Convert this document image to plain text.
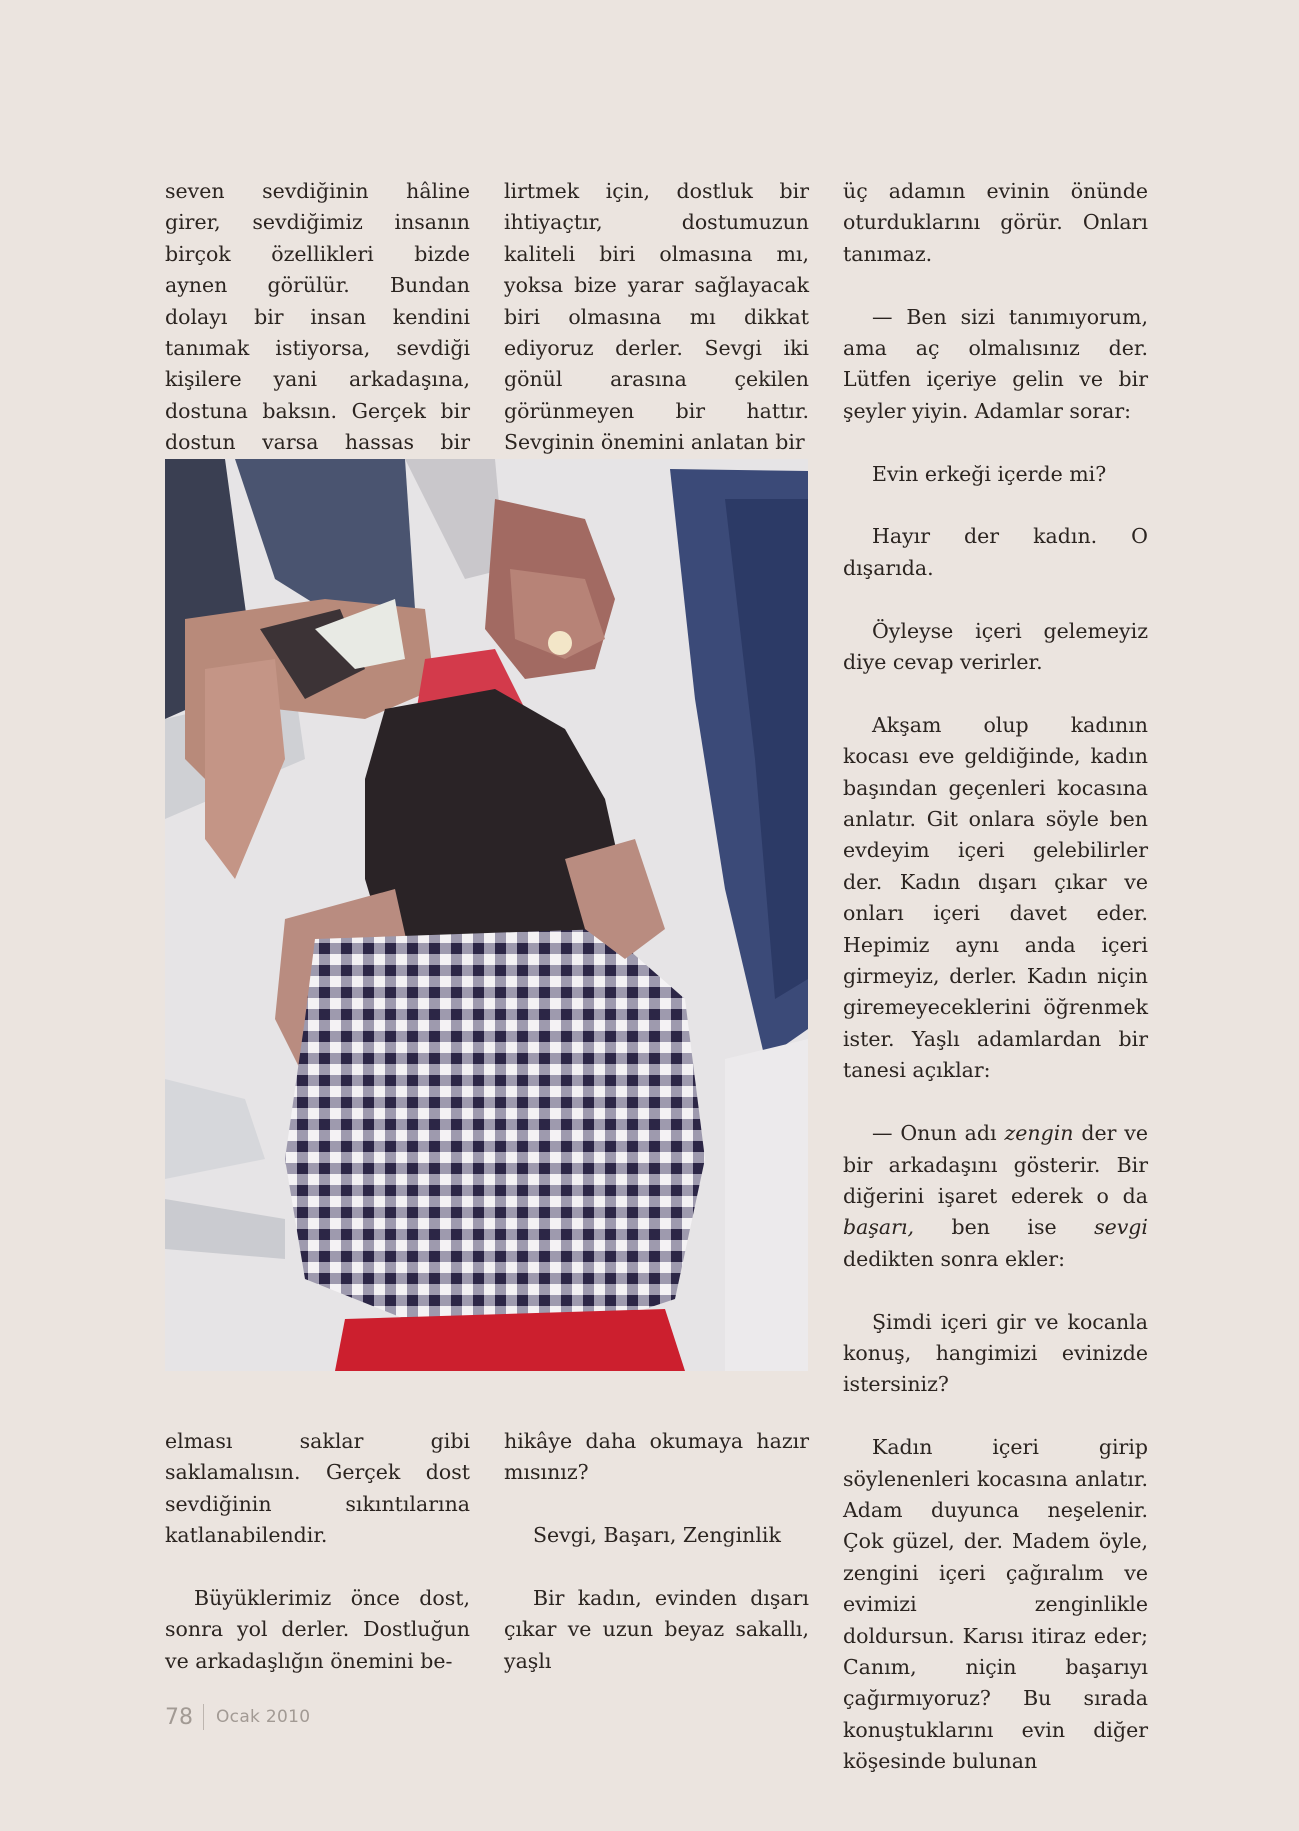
seven sevdiğinin hâline girer, sevdiğimiz insanın birçok özellikleri bizde aynen görülür. Bundan dolayı bir insan kendini tanımak istiyorsa, sevdiği kişilere yani arkadaşına, dostuna baksın. Gerçek bir dostun varsa hassas bir

lirtmek için, dostluk bir ihtiyaçtır, dostumuzun kaliteli biri olmasına mı, yoksa bize yarar sağlayacak biri olmasına mı dikkat ediyoruz derler. Sevgi iki gönül arasına çekilen görünmeyen bir hattır. Sevginin önemini anlatan bir

üç adamın evinin önünde oturduklarını görür. Onları tanımaz.

— Ben sizi tanımıyorum, ama aç olmalısınız der. Lütfen içeriye gelin ve bir şeyler yiyin. Adamlar sorar:

Evin erkeği içerde mi?

Hayır der kadın. O dışarıda.

Öyleyse içeri gelemeyiz diye cevap verirler.

Akşam olup kadının kocası eve geldiğinde, kadın başından geçenleri kocasına anlatır. Git onlara söyle ben evdeyim içeri gelebilirler der. Kadın dışarı çıkar ve onları içeri davet eder. Hepimiz aynı anda içeri girmeyiz, derler. Kadın niçin giremeyeceklerini öğrenmek ister. Yaşlı adamlardan bir tanesi açıklar:

— Onun adı zengin der ve bir arkadaşını gösterir. Bir diğerini işaret ederek o da başarı, ben ise sevgi dedikten sonra ekler:

Şimdi içeri gir ve kocanla konuş, hangimizi evinizde istersiniz?

Kadın içeri girip söylenenleri kocasına anlatır. Adam duyunca neşelenir. Çok güzel, der. Madem öyle, zengini içeri çağıralım ve evimizi zenginlikle doldursun. Karısı itiraz eder; Canım, niçin başarıyı çağırmıyoruz? Bu sırada konuştuklarını evin diğer köşesinde bulunan

elması saklar gibi saklamalısın. Gerçek dost sevdiğinin sıkıntılarına katlanabilendir.

Büyüklerimiz önce dost, sonra yol derler. Dostluğun ve arkadaşlığın önemini be-

hikâye daha okumaya hazır mısınız?

Sevgi, Başarı, Zenginlik

Bir kadın, evinden dışarı çıkar ve uzun beyaz sakallı, yaşlı

78 Ocak 2010
